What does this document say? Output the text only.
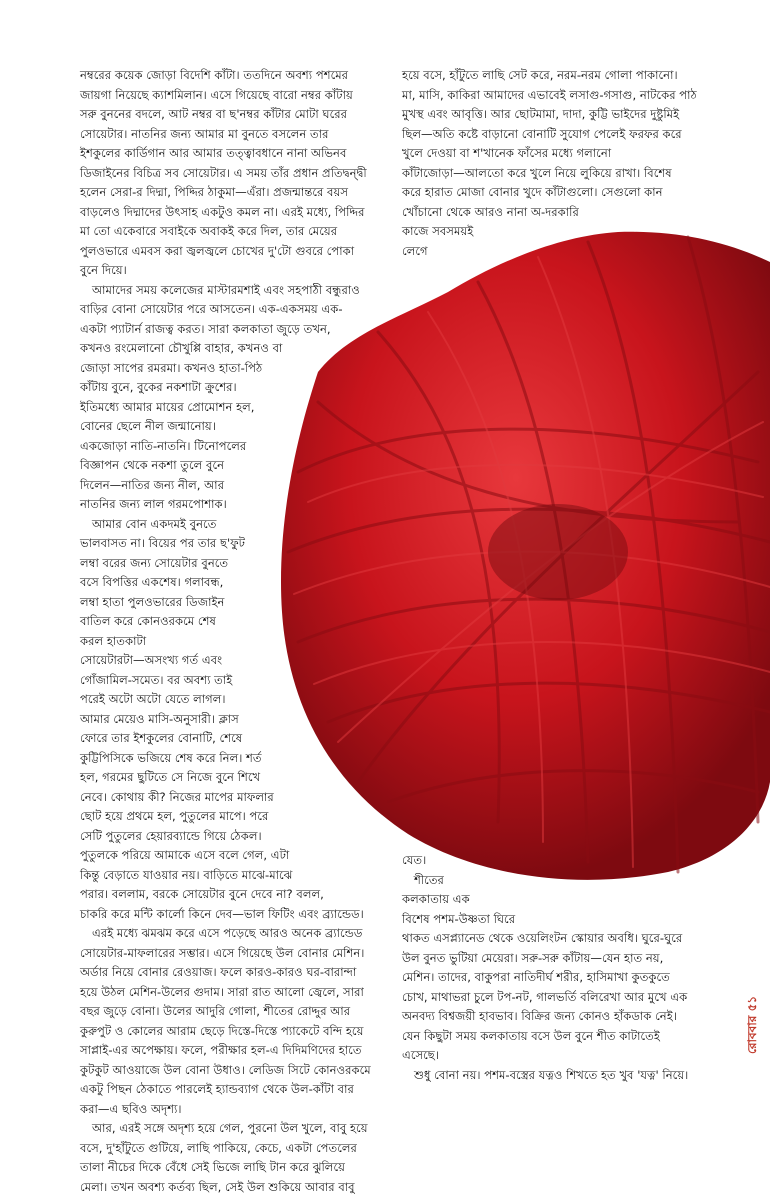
নম্বরের কয়েক জোড়া বিদেশি কাঁটা। ততদিনে অবশ্য পশমের

জায়গা নিয়েছে ক্যাশমিলান। এসে গিয়েছে বারো নম্বর কাঁটায়

সরু বুননের বদলে, আট নম্বর বা ছ'নম্বর কাঁটার মোটা ঘরের

সোয়েটার। নাতনির জন্য আমার মা বুনতে বসলেন তার

ইশকুলের কার্ডিগান আর আমার তত্ত্বাবধানে নানা অভিনব

ডিজাইনের বিচিত্র সব সোয়েটার। এ সময় তাঁর প্রধান প্রতিদ্বন্দ্বী

হলেন সেরা-র দিদ্মা, পিদ্দির ঠাকুমা—এঁরা। প্রজন্মান্তরে বয়স

বাড়লেও দিদ্মাদের উৎসাহ একটুও কমল না। এরই মধ্যে, পিদ্দির

মা তো একেবারে সবাইকে অবাকই করে দিল, তার মেয়ের

পুলওভারে এমবস করা জ্বলজ্বলে চোখের দু'টো গুবরে পোকা

বুনে দিয়ে।

আমাদের সময় কলেজের মাস্টারমশাই এবং সহপাঠী বন্ধুরাও

বাড়ির বোনা সোয়েটার পরে আসতেন। এক-একসময় এক-

একটা প্যাটার্ন রাজত্ব করত। সারা কলকাতা জুড়ে তখন,

কখনও রংমেলানো চৌখুপ্পি বাহার, কখনও বা

জোড়া সাপের রমরমা। কখনও হাতা-পিঠ

কাঁটায় বুনে, বুকের নকশাটা ক্রুশের।

ইতিমধ্যে আমার মায়ের প্রোমোশন হল,

বোনের ছেলে নীল জন্মানোয়।

একজোড়া নাতি-নাতনি। টিনোপলের

বিজ্ঞাপন থেকে নকশা তুলে বুনে

দিলেন—নাতির জন্য নীল, আর

নাতনির জন্য লাল গরমপোশাক।

আমার বোন একদমই বুনতে

ভালবাসত না। বিয়ের পর তার ছ'ফুট

লম্বা বরের জন্য সোয়েটার বুনতে

বসে বিপত্তির একশেষ। গলাবন্ধ,

লম্বা হাতা পুলওভারের ডিজাইন

বাতিল করে কোনওরকমে শেষ

করল হাতকাটা

সোয়েটারটা—অসংখ্য গর্ত এবং

গোঁজামিল-সমেত। বর অবশ্য তাই

পরেই অটো অটো যেতে লাগল।

আমার মেয়েও মাসি-অনুসারী। ক্লাস

ফোরে তার ইশকুলের বোনাটি, শেষে

কুট্টিপিসিকে ভজিয়ে শেষ করে নিল। শর্ত

হল, গরমের ছুটিতে সে নিজে বুনে শিখে

নেবে। কোথায় কী? নিজের মাপের মাফলার

ছোট হয়ে প্রথমে হল, পুতুলের মাপে। পরে

সেটি পুতুলের হেয়ারব্যান্ডে গিয়ে ঠেকল।

পুতুলকে পরিয়ে আমাকে এসে বলে গেল, এটা

কিন্তু বেড়াতে যাওয়ার নয়। বাড়িতে মাঝে-মাঝে

পরার। বললাম, বরকে সোয়েটার বুনে দেবে না? বলল,

চাকরি করে মন্টি কার্লো কিনে দেব—ভাল ফিটিং এবং ব্র্যান্ডেড।

এরই মধ্যে ঝমঝম করে এসে পড়েছে আরও অনেক ব্র্যান্ডেড

সোয়েটার-মাফলারের সম্ভার। এসে গিয়েছে উল বোনার মেশিন।

অর্ডার নিয়ে বোনার রেওয়াজ। ফলে কারও-কারও ঘর-বারান্দা

হয়ে উঠল মেশিন-উলের গুদাম। সারা রাত আলো জ্বেলে, সারা

বছর জুড়ে বোনা। উলের আদুরি গোলা, শীতের রোদ্দুর আর

কুরুপুট ও কোলের আরাম ছেড়ে দিস্তে-দিস্তে প্যাকেটে বন্দি হয়ে

সাপ্লাই-এর অপেক্ষায়। ফলে, পরীক্ষার হল-এ দিদিমণিদের হাতে

কুটকুট আওয়াজে উল বোনা উধাও। লেডিজ সিটে কোনওরকমে

একটু পিছন ঠেকাতে পারলেই হ্যান্ডব্যাগ থেকে উল-কাঁটা বার

করা—এ ছবিও অদৃশ্য।

আর, এরই সঙ্গে অদৃশ্য হয়ে গেল, পুরনো উল খুলে, বাবু হয়ে

বসে, দু'হাঁটুতে গুটিয়ে, লাছি পাকিয়ে, কেচে, একটা পেতলের

তালা নীচের দিকে বেঁধে সেই ভিজে লাছি টান করে ঝুলিয়ে

মেলা। তখন অবশ্য কর্তব্য ছিল, সেই উল শুকিয়ে আবার বাবু

হয়ে বসে, হাঁটুতে লাছি সেট করে, নরম-নরম গোলা পাকানো।

মা, মাসি, কাকিরা আমাদের এভাবেই লসাগু-গসাগু, নাটকের পাঠ

মুখস্থ এবং আবৃত্তি। আর ছোটমামা, দাদা, কুট্টি ভাইদের দুষ্টুমিই

ছিল—অতি কষ্টে বাড়ানো বোনাটি সুযোগ পেলেই ফরফর করে

খুলে দেওয়া বা শ'খানেক ফাঁসের মধ্যে গলানো

কাঁটাজোড়া—আলতো করে খুলে নিয়ে লুকিয়ে রাখা। বিশেষ

করে হারাত মোজা বোনার খুদে কাঁটাগুলো। সেগুলো কান

খোঁচানো থেকে আরও নানা অ-দরকারি

কাজে সবসময়ই

লেগে

যেত।

শীতের

কলকাতায় এক

বিশেষ পশম-উষ্ণতা ঘিরে

থাকত এসপ্ল্যানেড থেকে ওয়েলিংটন স্কোয়ার অবধি। ঘুরে-ঘুরে

উল বুনত ভুটিয়া মেয়েরা। সরু-সরু কাঁটায়—যেন হাত নয়,

মেশিন। তাদের, বাকুপরা নাতিদীর্ঘ শরীর, হাসিমাখা কুতকুতে

চোখ, মাথাভরা চুলে টপ-নট, গালভর্তি বলিরেখা আর মুখে এক

অনবদ্য বিশ্বজয়ী হাবভাব। বিক্রির জন্য কোনও হাঁকডাক নেই।

যেন কিছুটা সময় কলকাতায় বসে উল বুনে শীত কাটাতেই

এসেছে।

শুধু বোনা নয়। পশম-বস্ত্রের যত্নও শিখতে হত খুব 'যত্ন' নিয়ে।

রোববার ৫১
